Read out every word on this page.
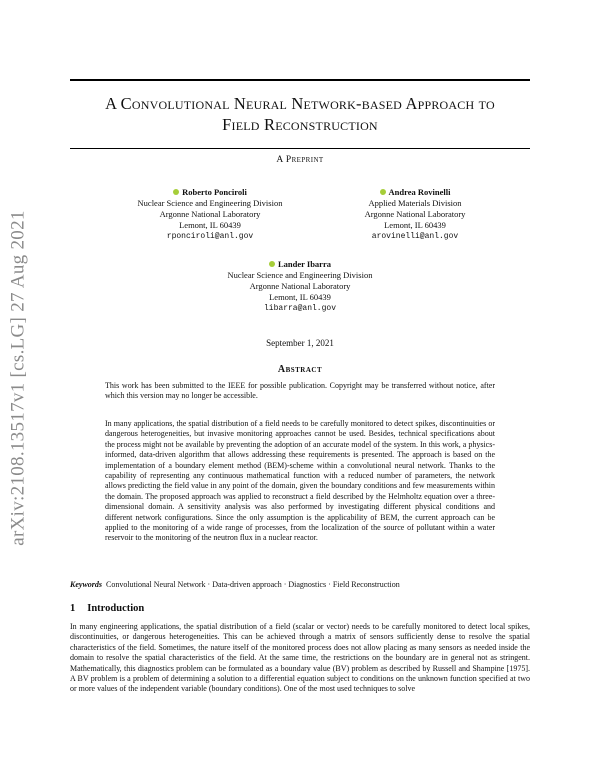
arXiv:2108.13517v1 [cs.LG] 27 Aug 2021
A Convolutional Neural Network-based Approach to
Field Reconstruction
A Preprint
Roberto Ponciroli
Nuclear Science and Engineering Division
Argonne National Laboratory
Lemont, IL 60439
rponciroli@anl.gov
Andrea Rovinelli
Applied Materials Division
Argonne National Laboratory
Lemont, IL 60439
arovinelli@anl.gov
Lander Ibarra
Nuclear Science and Engineering Division
Argonne National Laboratory
Lemont, IL 60439
libarra@anl.gov
September 1, 2021
Abstract
This work has been submitted to the IEEE for possible publication. Copyright may be transferred without notice, after which this version may no longer be accessible.
In many applications, the spatial distribution of a field needs to be carefully monitored to detect spikes, discontinuities or dangerous heterogeneities, but invasive monitoring approaches cannot be used. Besides, technical specifications about the process might not be available by preventing the adoption of an accurate model of the system. In this work, a physics-informed, data-driven algorithm that allows addressing these requirements is presented. The approach is based on the implementation of a boundary element method (BEM)-scheme within a convolutional neural network. Thanks to the capability of representing any continuous mathematical function with a reduced number of parameters, the network allows predicting the field value in any point of the domain, given the boundary conditions and few measurements within the domain. The proposed approach was applied to reconstruct a field described by the Helmholtz equation over a three-dimensional domain. A sensitivity analysis was also performed by investigating different physical conditions and different network configurations. Since the only assumption is the applicability of BEM, the current approach can be applied to the monitoring of a wide range of processes, from the localization of the source of pollutant within a water reservoir to the monitoring of the neutron flux in a nuclear reactor.
Keywords Convolutional Neural Network · Data-driven approach · Diagnostics · Field Reconstruction
1 Introduction
In many engineering applications, the spatial distribution of a field (scalar or vector) needs to be carefully monitored to detect local spikes, discontinuities, or dangerous heterogeneities. This can be achieved through a matrix of sensors sufficiently dense to resolve the spatial characteristics of the field. Sometimes, the nature itself of the monitored process does not allow placing as many sensors as needed inside the domain to resolve the spatial characteristics of the field. At the same time, the restrictions on the boundary are in general not as stringent. Mathematically, this diagnostics problem can be formulated as a boundary value (BV) problem as described by Russell and Shampine [1975]. A BV problem is a problem of determining a solution to a differential equation subject to conditions on the unknown function specified at two or more values of the independent variable (boundary conditions). One of the most used techniques to solve
